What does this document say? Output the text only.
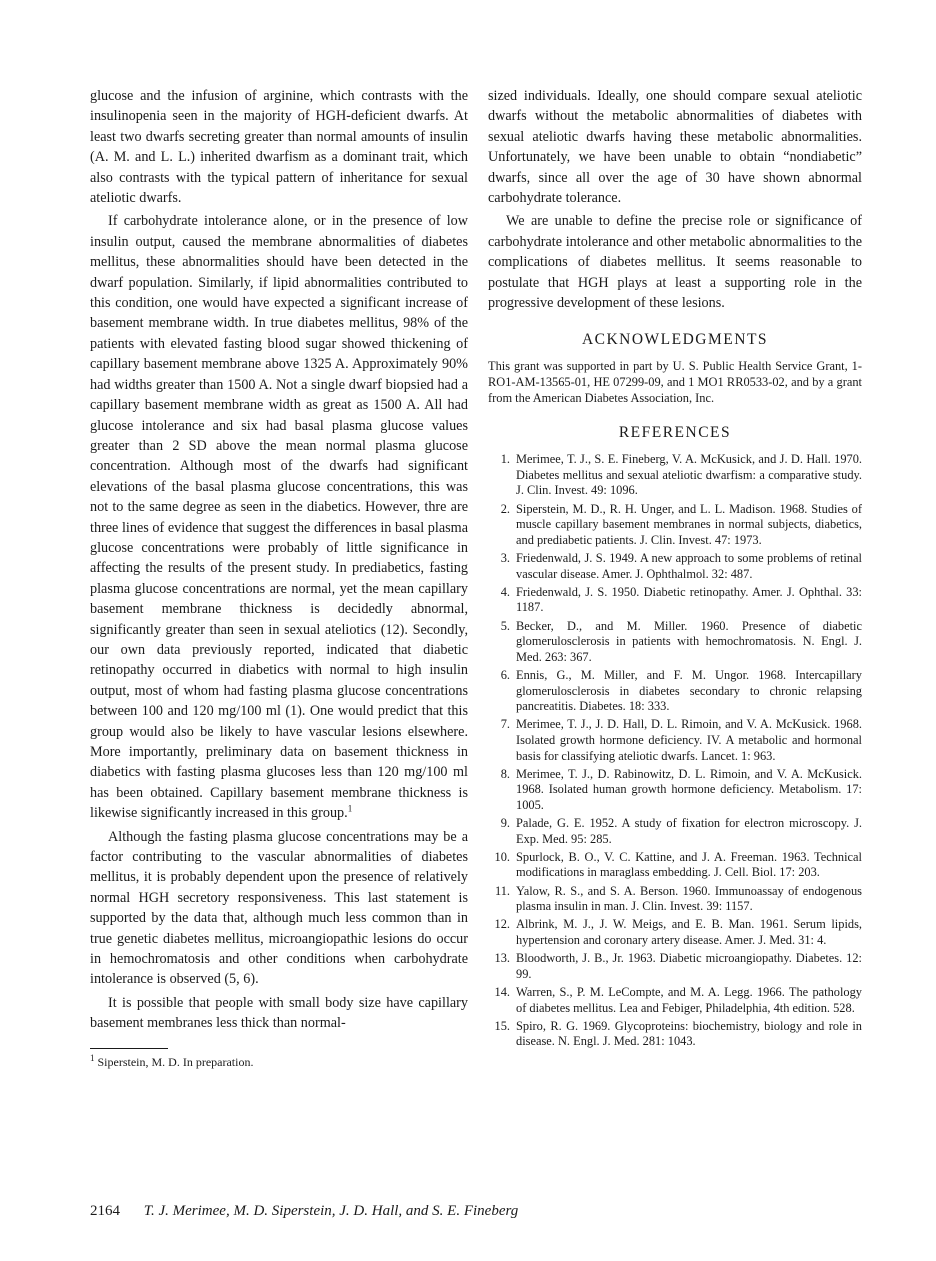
glucose and the infusion of arginine, which contrasts with the insulinopenia seen in the majority of HGH-deficient dwarfs. At least two dwarfs secreting greater than normal amounts of insulin (A. M. and L. L.) inherited dwarfism as a dominant trait, which also contrasts with the typical pattern of inheritance for sexual ateliotic dwarfs.

If carbohydrate intolerance alone, or in the presence of low insulin output, caused the membrane abnormalities of diabetes mellitus, these abnormalities should have been detected in the dwarf population. Similarly, if lipid abnormalities contributed to this condition, one would have expected a significant increase of basement membrane width. In true diabetes mellitus, 98% of the patients with elevated fasting blood sugar showed thickening of capillary basement membrane above 1325 A. Approximately 90% had widths greater than 1500 A. Not a single dwarf biopsied had a capillary basement membrane width as great as 1500 A. All had glucose intolerance and six had basal plasma glucose values greater than 2 SD above the mean normal plasma glucose concentration. Although most of the dwarfs had significant elevations of the basal plasma glucose concentrations, this was not to the same degree as seen in the diabetics. However, thre are three lines of evidence that suggest the differences in basal plasma glucose concentrations were probably of little significance in affecting the results of the present study. In prediabetics, fasting plasma glucose concentrations are normal, yet the mean capillary basement membrane thickness is decidedly abnormal, significantly greater than seen in sexual ateliotics (12). Secondly, our own data previously reported, indicated that diabetic retinopathy occurred in diabetics with normal to high insulin output, most of whom had fasting plasma glucose concentrations between 100 and 120 mg/100 ml (1). One would predict that this group would also be likely to have vascular lesions elsewhere. More importantly, preliminary data on basement thickness in diabetics with fasting plasma glucoses less than 120 mg/100 ml has been obtained. Capillary basement membrane thickness is likewise significantly increased in this group.$^1$

Although the fasting plasma glucose concentrations may be a factor contributing to the vascular abnormalities of diabetes mellitus, it is probably dependent upon the presence of relatively normal HGH secretory responsiveness. This last statement is supported by the data that, although much less common than in true genetic diabetes mellitus, microangiopathic lesions do occur in hemochromatosis and other conditions when carbohydrate intolerance is observed (5, 6).

It is possible that people with small body size have capillary basement membranes less thick than normal-

$^1$ Siperstein, M. D. In preparation.

sized individuals. Ideally, one should compare sexual ateliotic dwarfs without the metabolic abnormalities of diabetes with sexual ateliotic dwarfs having these metabolic abnormalities. Unfortunately, we have been unable to obtain “nondiabetic” dwarfs, since all over the age of 30 have shown abnormal carbohydrate tolerance.

We are unable to define the precise role or significance of carbohydrate intolerance and other metabolic abnormalities to the complications of diabetes mellitus. It seems reasonable to postulate that HGH plays at least a supporting role in the progressive development of these lesions.

ACKNOWLEDGMENTS

This grant was supported in part by U. S. Public Health Service Grant, 1-RO1-AM-13565-01, HE 07299-09, and 1 MO1 RR0533-02, and by a grant from the American Diabetes Association, Inc.

REFERENCES
1. Merimee, T. J., S. E. Fineberg, V. A. McKusick, and J. D. Hall. 1970. Diabetes mellitus and sexual ateliotic dwarfism: a comparative study. J. Clin. Invest. 49: 1096.
2. Siperstein, M. D., R. H. Unger, and L. L. Madison. 1968. Studies of muscle capillary basement membranes in normal subjects, diabetics, and prediabetic patients. J. Clin. Invest. 47: 1973.
3. Friedenwald, J. S. 1949. A new approach to some problems of retinal vascular disease. Amer. J. Ophthalmol. 32: 487.
4. Friedenwald, J. S. 1950. Diabetic retinopathy. Amer. J. Ophthal. 33: 1187.
5. Becker, D., and M. Miller. 1960. Presence of diabetic glomerulosclerosis in patients with hemochromatosis. N. Engl. J. Med. 263: 367.
6. Ennis, G., M. Miller, and F. M. Ungor. 1968. Intercapillary glomerulosclerosis in diabetes secondary to chronic relapsing pancreatitis. Diabetes. 18: 333.
7. Merimee, T. J., J. D. Hall, D. L. Rimoin, and V. A. McKusick. 1968. Isolated growth hormone deficiency. IV. A metabolic and hormonal basis for classifying ateliotic dwarfs. Lancet. 1: 963.
8. Merimee, T. J., D. Rabinowitz, D. L. Rimoin, and V. A. McKusick. 1968. Isolated human growth hormone deficiency. Metabolism. 17: 1005.
9. Palade, G. E. 1952. A study of fixation for electron microscopy. J. Exp. Med. 95: 285.
10. Spurlock, B. O., V. C. Kattine, and J. A. Freeman. 1963. Technical modifications in maraglass embedding. J. Cell. Biol. 17: 203.
11. Yalow, R. S., and S. A. Berson. 1960. Immunoassay of endogenous plasma insulin in man. J. Clin. Invest. 39: 1157.
12. Albrink, M. J., J. W. Meigs, and E. B. Man. 1961. Serum lipids, hypertension and coronary artery disease. Amer. J. Med. 31: 4.
13. Bloodworth, J. B., Jr. 1963. Diabetic microangiopathy. Diabetes. 12: 99.
14. Warren, S., P. M. LeCompte, and M. A. Legg. 1966. The pathology of diabetes mellitus. Lea and Febiger, Philadelphia, 4th edition. 528.
15. Spiro, R. G. 1969. Glycoproteins: biochemistry, biology and role in disease. N. Engl. J. Med. 281: 1043.
2164 T. J. Merimee, M. D. Siperstein, J. D. Hall, and S. E. Fineberg
